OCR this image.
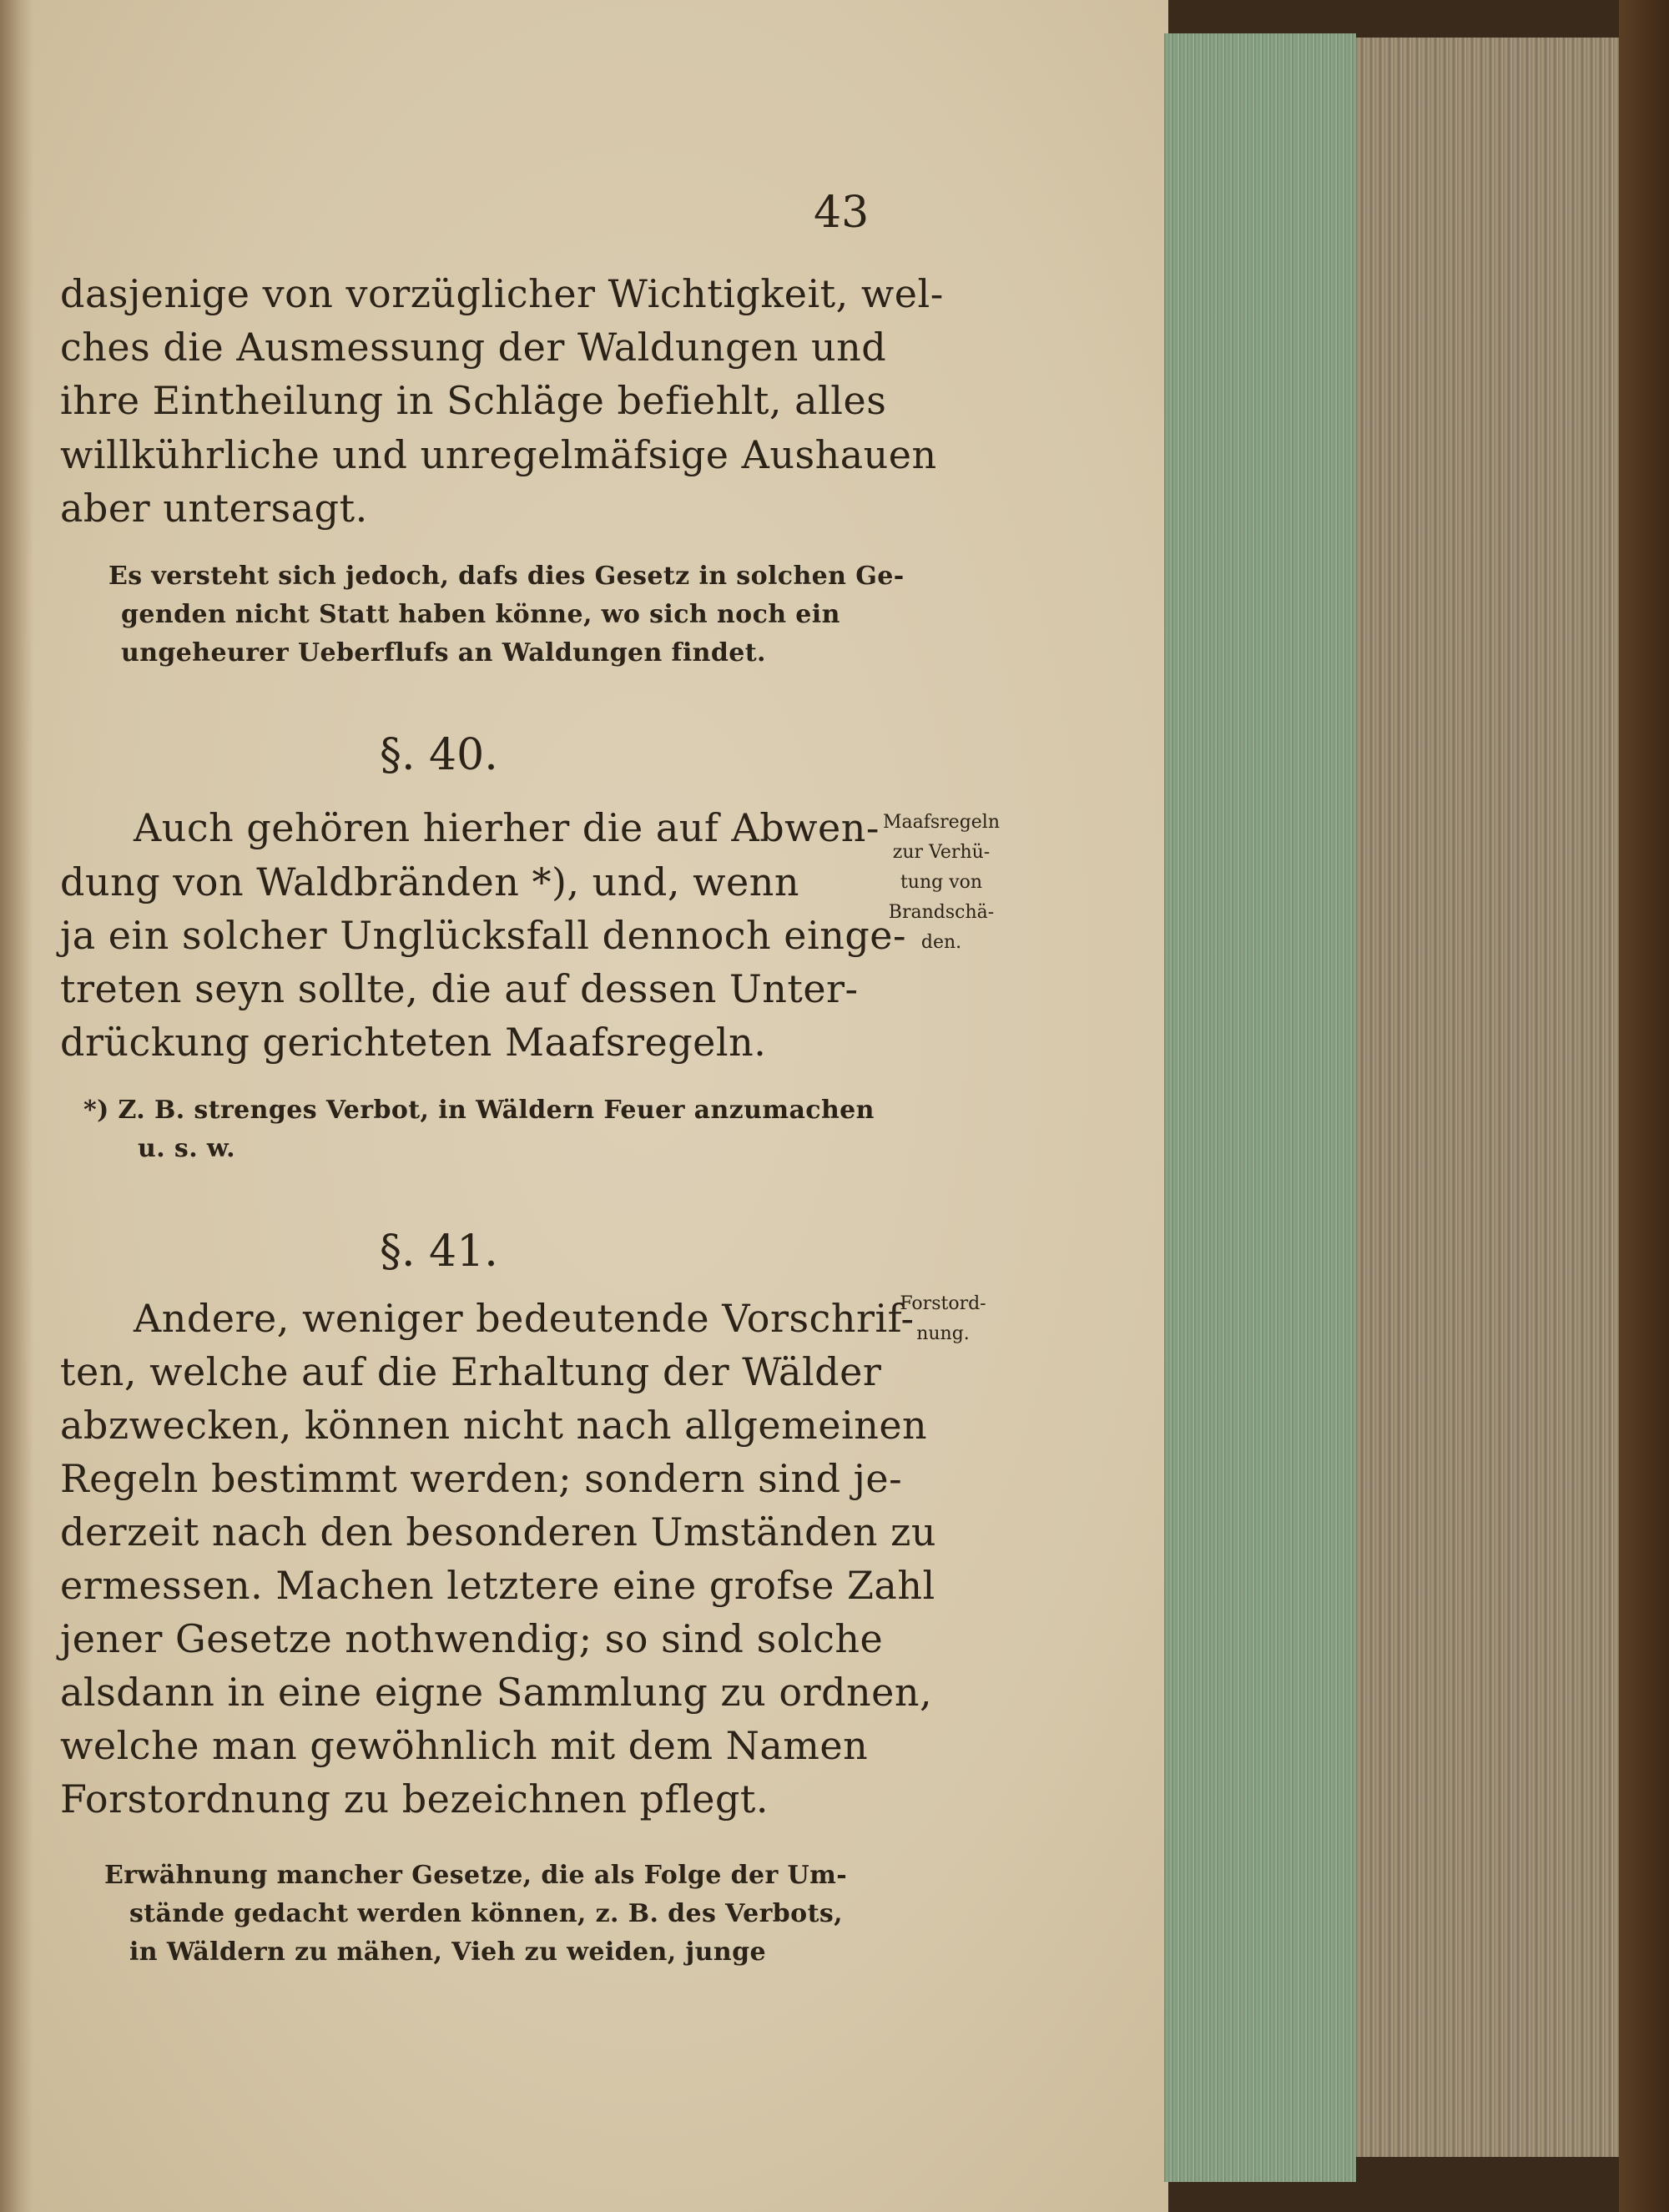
43
dasjenige von vorzüglicher Wichtigkeit, wel-
ches die Ausmessung der Waldungen und
ihre Eintheilung in Schläge befiehlt, alles
willkührliche und unregelmäfsige Aushauen
aber untersagt.
Es versteht sich jedoch, dafs dies Gesetz in solchen Ge-
genden nicht Statt haben könne, wo sich noch ein
ungeheurer Ueberflufs an Waldungen findet.
§. 40.
Auch gehören hierher die auf Abwen-
dung von Waldbränden *), und, wenn
ja ein solcher Unglücksfall dennoch einge-
treten seyn sollte, die auf dessen Unter-
drückung gerichteten Maafsregeln.
Maafsregeln
zur Verhü-
tung von
Brandschä-
den.
*) Z. B. strenges Verbot, in Wäldern Feuer anzumachen
u. s. w.
§. 41.
Andere, weniger bedeutende Vorschrif-
ten, welche auf die Erhaltung der Wälder
abzwecken, können nicht nach allgemeinen
Regeln bestimmt werden; sondern sind je-
derzeit nach den besonderen Umständen zu
ermessen. Machen letztere eine grofse Zahl
jener Gesetze nothwendig; so sind solche
alsdann in eine eigne Sammlung zu ordnen,
welche man gewöhnlich mit dem Namen
Forstordnung zu bezeichnen pflegt.
Forstord-
nung.
Erwähnung mancher Gesetze, die als Folge der Um-
stände gedacht werden können, z. B. des Verbots,
in Wäldern zu mähen, Vieh zu weiden, junge
